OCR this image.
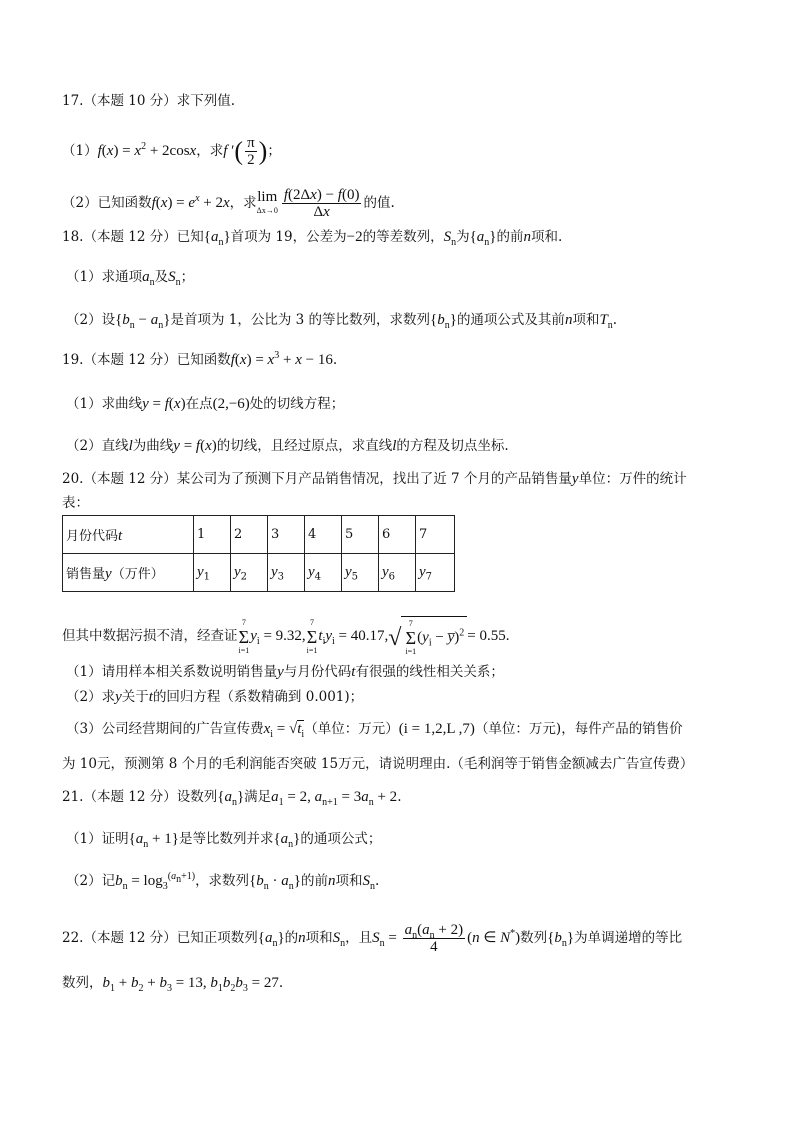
17.（本题 10 分）求下列值.
$(1)f(x) = x^2 + 2\cos x$，求f ′( $\frac{\pi}{2}$ )；
（2）已知函数$f(x) = e^x + 2x$，求 lim
$\Delta x\to 0 \frac{f(2\Delta x) - f(0)}{\Delta x}$ 的值.
18.（本题 12 分）已知$\{a_n\}$首项为 19，公差为−2的等差数列，$S_n$为$\{a_n\}$的前n项和.
（1）求通项$a_n$及$S_n$；
（2）设$\{b_n - a_n\}$是首项为 1，公比为 3 的等比数列，求数列$\{b_n\}$的通项公式及其前n项和$T_n$.
19.（本题 12 分）已知函数$f(x) = x^3 + x - 16$.
（1）求曲线y = f(x)在点(2,−6)处的切线方程；
（2）直线l为曲线y = f(x)的切线，且经过原点，求直线l的方程及切点坐标.
20.（本题 12 分）某公司为了预测下月产品销售情况，找出了近 7 个月的产品销售量y单位：万件的统计
表：
月份代码t	1	2	3	4	5	6	7
销售量y（万件）	$y_1$	$y_2$	$y_3$	$y_4$	$y_5$	$y_6$	$y_7$
但其中数据污损不清，经查证
7
Σ
i=1
$y_i = 9.32$,
7
Σ
i=1
$t_iy_i = 40.17,√$
7
Σ
i=1
($y_i$ − y̅)$^2$ = 0.55.
（1）请用样本相关系数说明销售量y与月份代码t有很强的线性相关关系；
（2）求y关于t的回归方程（系数精确到 0.001)；
（3）公司经营期间的广告宣传费$x_i = √t_i$（单位：万元）(i = 1,2,L ,7)（单位：万元)，每件产品的销售价
为 10元，预测第 8 个月的毛利润能否突破 15万元，请说明理由.（毛利润等于销售金额减去广告宣传费）
21.（本题 12 分）设数列$\{a_n\}$满足$a_1 = 2$, $a_{n+1} = 3a_n + 2$.
（1）证明$\{a_n + 1\}$是等比数列并求$\{a_n\}$的通项公式；
（2）记$b_n = \log_3^{(a_n+1)}$，求数列$\{b_n \cdot a_n\}$的前n项和$S_n$.
22.（本题 12 分）已知正项数列$\{a_n\}$的n项和$S_n$，且$S_n = \frac{a_n(a_n + 2)}{4} (n$ ∈ N*)数列$\{b_n\}$为单调递增的等比
数列，$b_1 + b_2 + b_3 = 13$, $b_1b_2b_3 = 27$.
